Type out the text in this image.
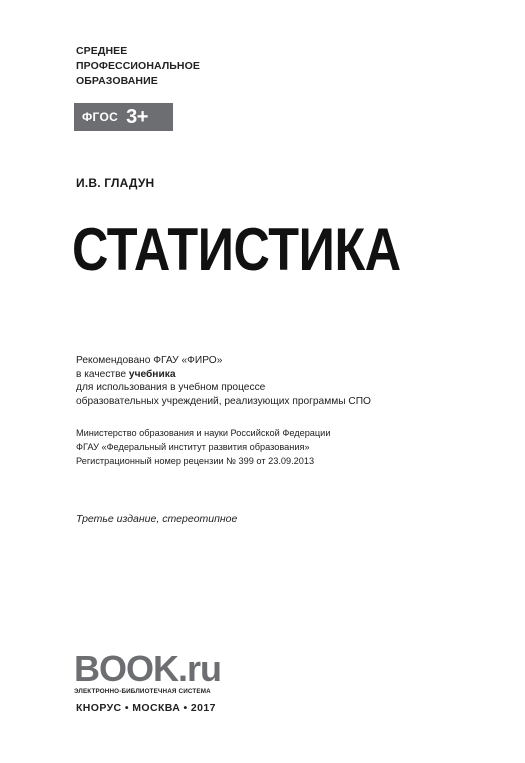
СРЕДНЕЕ
ПРОФЕССИОНАЛЬНОЕ
ОБРАЗОВАНИЕ
ФГОС 3+
И.В. ГЛАДУН
СТАТИСТИКА
Рекомендовано ФГАУ «ФИРО»
в качестве учебника
для использования в учебном процессе
образовательных учреждений, реализующих программы СПО
Министерство образования и науки Российской Федерации
ФГАУ «Федеральный институт развития образования»
Регистрационный номер рецензии № 399 от 23.09.2013
Третье издание, стереотипное
BOOK.ru
ЭЛЕКТРОННО-БИБЛИОТЕЧНАЯ СИСТЕМА
КНОРУС • МОСКВА • 2017
